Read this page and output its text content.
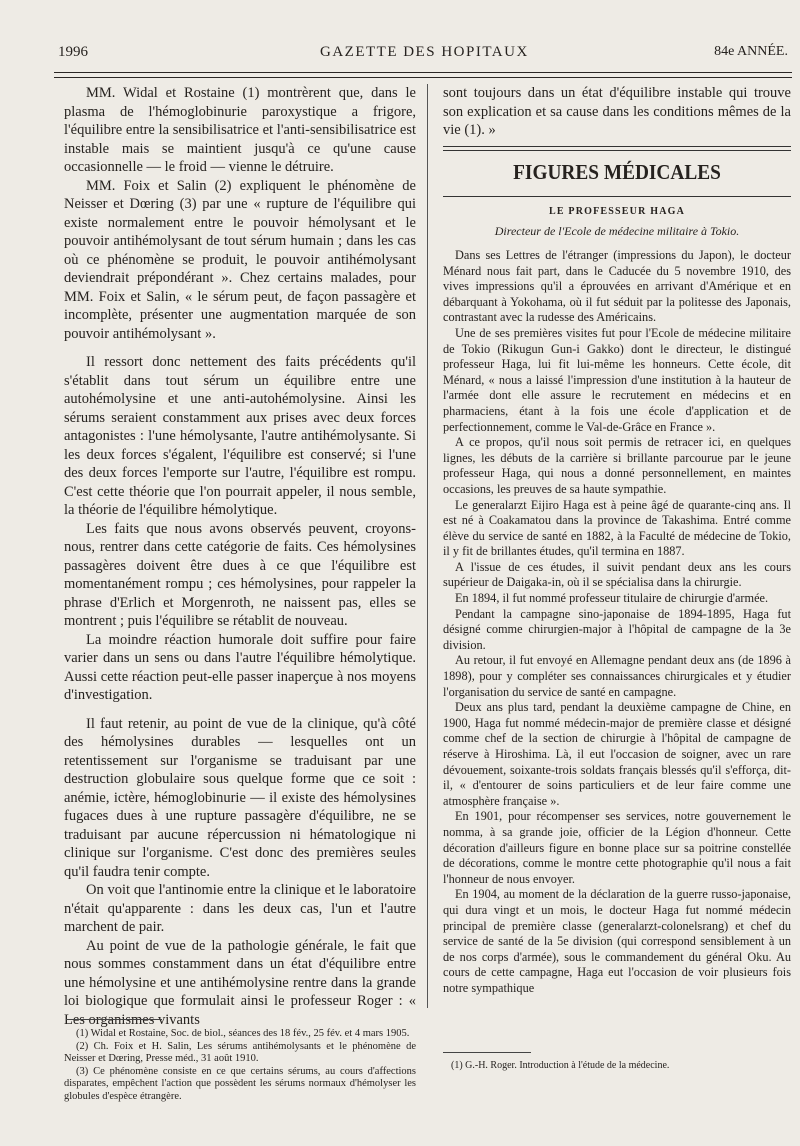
1996	GAZETTE DES HOPITAUX	84e ANNÉE.

MM. Widal et Rostaine (1) montrèrent que, dans le plasma de l'hémoglobinurie paroxystique a frigore, l'équilibre entre la sensibilisatrice et l'anti-sensibilisatrice est instable mais se maintient jusqu'à ce qu'une cause occasionnelle — le froid — vienne le détruire.

MM. Foix et Salin (2) expliquent le phénomène de Neisser et Dœring (3) par une « rupture de l'équilibre qui existe normalement entre le pouvoir hémolysant et le pouvoir antihémolysant de tout sérum humain ; dans les cas où ce phénomène se produit, le pouvoir antihémolysant deviendrait prépondérant ». Chez certains malades, pour MM. Foix et Salin, « le sérum peut, de façon passagère et incomplète, présenter une augmentation marquée de son pouvoir antihémolysant ».

Il ressort donc nettement des faits précédents qu'il s'établit dans tout sérum un équilibre entre une autohémolysine et une anti-autohémolysine. Ainsi les sérums seraient constamment aux prises avec deux forces antagonistes : l'une hémolysante, l'autre antihémolysante. Si les deux forces s'égalent, l'équilibre est conservé; si l'une des deux forces l'emporte sur l'autre, l'équilibre est rompu. C'est cette théorie que l'on pourrait appeler, il nous semble, la théorie de l'équilibre hémolytique.

Les faits que nous avons observés peuvent, croyons-nous, rentrer dans cette catégorie de faits. Ces hémolysines passagères doivent être dues à ce que l'équilibre est momentanément rompu ; ces hémolysines, pour rappeler la phrase d'Erlich et Morgenroth, ne naissent pas, elles se montrent ; puis l'équilibre se rétablit de nouveau.

La moindre réaction humorale doit suffire pour faire varier dans un sens ou dans l'autre l'équilibre hémolytique. Aussi cette réaction peut-elle passer inaperçue à nos moyens d'investigation.

Il faut retenir, au point de vue de la clinique, qu'à côté des hémolysines durables — lesquelles ont un retentissement sur l'organisme se traduisant par une destruction globulaire sous quelque forme que ce soit : anémie, ictère, hémoglobinurie — il existe des hémolysines fugaces dues à une rupture passagère d'équilibre, ne se traduisant par aucune répercussion ni hématologique ni clinique sur l'organisme. C'est donc des premières seules qu'il faudra tenir compte.

On voit que l'antinomie entre la clinique et le laboratoire n'était qu'apparente : dans les deux cas, l'un et l'autre marchent de pair.

Au point de vue de la pathologie générale, le fait que nous sommes constamment dans un état d'équilibre entre une hémolysine et une antihémolysine rentre dans la grande loi biologique que formulait ainsi le professeur Roger : « Les organismes vivants

(1) Widal et Rostaine, Soc. de biol., séances des 18 fév., 25 fév. et 4 mars 1905.

(2) Ch. Foix et H. Salin, Les sérums antihémolysants et le phénomène de Neisser et Dœring, Presse méd., 31 août 1910.

(3) Ce phénomène consiste en ce que certains sérums, au cours d'affections disparates, empêchent l'action que possèdent les sérums normaux d'hémolyser les globules d'espèce étrangère.

sont toujours dans un état d'équilibre instable qui trouve son explication et sa cause dans les conditions mêmes de la vie (1). »

FIGURES MÉDICALES
LE PROFESSEUR HAGA
Directeur de l'Ecole de médecine militaire à Tokio.

Dans ses Lettres de l'étranger (impressions du Japon), le docteur Ménard nous fait part, dans le Caducée du 5 novembre 1910, des vives impressions qu'il a éprouvées en arrivant d'Amérique et en débarquant à Yokohama, où il fut séduit par la politesse des Japonais, contrastant avec la rudesse des Américains.

Une de ses premières visites fut pour l'Ecole de médecine militaire de Tokio (Rikugun Gun-i Gakko) dont le directeur, le distingué professeur Haga, lui fit lui-même les honneurs. Cette école, dit Ménard, « nous a laissé l'impression d'une institution à la hauteur de l'armée dont elle assure le recrutement en médecins et en pharmaciens, étant à la fois une école d'application et de perfectionnement, comme le Val-de-Grâce en France ».

A ce propos, qu'il nous soit permis de retracer ici, en quelques lignes, les débuts de la carrière si brillante parcourue par le jeune professeur Haga, qui nous a donné personnellement, en maintes occasions, les preuves de sa haute sympathie.

Le generalarzt Eijiro Haga est à peine âgé de quarante-cinq ans. Il est né à Coakamatou dans la province de Takashima. Entré comme élève du service de santé en 1882, à la Faculté de médecine de Tokio, il y fit de brillantes études, qu'il termina en 1887.

A l'issue de ces études, il suivit pendant deux ans les cours supérieur de Daigaka-in, où il se spécialisa dans la chirurgie.

En 1894, il fut nommé professeur titulaire de chirurgie d'armée.

Pendant la campagne sino-japonaise de 1894-1895, Haga fut désigné comme chirurgien-major à l'hôpital de campagne de la 3e division.

Au retour, il fut envoyé en Allemagne pendant deux ans (de 1896 à 1898), pour y compléter ses connaissances chirurgicales et y étudier l'organisation du service de santé en campagne.

Deux ans plus tard, pendant la deuxième campagne de Chine, en 1900, Haga fut nommé médecin-major de première classe et désigné comme chef de la section de chirurgie à l'hôpital de campagne de réserve à Hiroshima. Là, il eut l'occasion de soigner, avec un rare dévouement, soixante-trois soldats français blessés qu'il s'efforça, dit-il, « d'entourer de soins particuliers et de leur faire comme une atmosphère française ».

En 1901, pour récompenser ses services, notre gouvernement le nomma, à sa grande joie, officier de la Légion d'honneur. Cette décoration d'ailleurs figure en bonne place sur sa poitrine constellée de décorations, comme le montre cette photographie qu'il nous a fait l'honneur de nous envoyer.

En 1904, au moment de la déclaration de la guerre russo-japonaise, qui dura vingt et un mois, le docteur Haga fut nommé médecin principal de première classe (generalarzt-colonelsrang) et chef du service de santé de la 5e division (qui correspond sensiblement à un de nos corps d'armée), sous le commandement du général Oku. Au cours de cette campagne, Haga eut l'occasion de voir plusieurs fois notre sympathique

(1) G.-H. Roger. Introduction à l'étude de la médecine.
